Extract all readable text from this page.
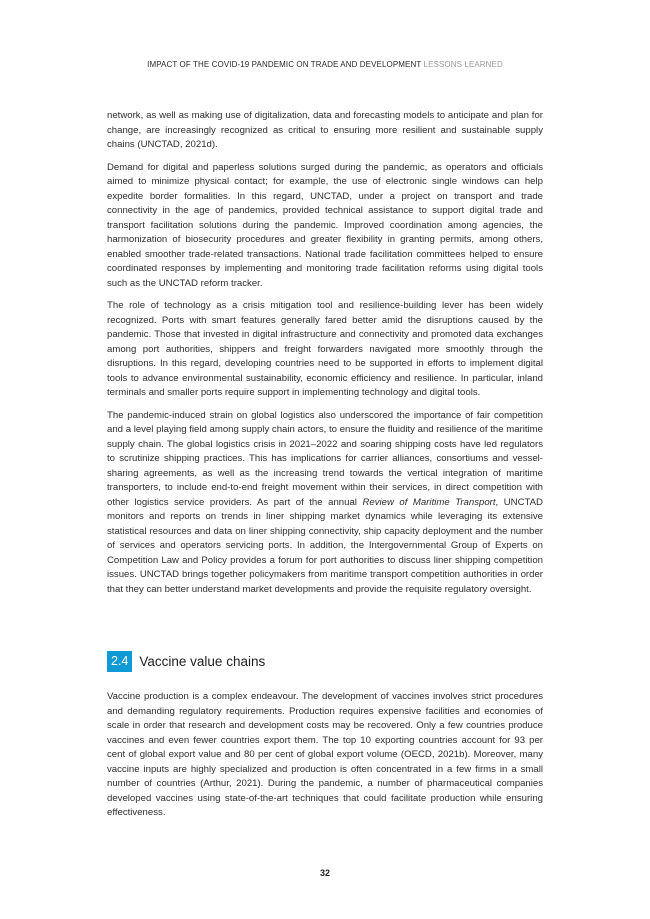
IMPACT OF THE COVID-19 PANDEMIC ON TRADE AND DEVELOPMENT LESSONS LEARNED

network, as well as making use of digitalization, data and forecasting models to anticipate and plan for change, are increasingly recognized as critical to ensuring more resilient and sustainable supply chains (UNCTAD, 2021d).

Demand for digital and paperless solutions surged during the pandemic, as operators and officials aimed to minimize physical contact; for example, the use of electronic single windows can help expedite border formalities. In this regard, UNCTAD, under a project on transport and trade connectivity in the age of pandemics, provided technical assistance to support digital trade and transport facilitation solutions during the pandemic. Improved coordination among agencies, the harmonization of biosecurity procedures and greater flexibility in granting permits, among others, enabled smoother trade-related transactions. National trade facilitation committees helped to ensure coordinated responses by implementing and monitoring trade facilitation reforms using digital tools such as the UNCTAD reform tracker.

The role of technology as a crisis mitigation tool and resilience-building lever has been widely recognized. Ports with smart features generally fared better amid the disruptions caused by the pandemic. Those that invested in digital infrastructure and connectivity and promoted data exchanges among port authorities, shippers and freight forwarders navigated more smoothly through the disruptions. In this regard, developing countries need to be supported in efforts to implement digital tools to advance environmental sustainability, economic efficiency and resilience. In particular, inland terminals and smaller ports require support in implementing technology and digital tools.

The pandemic-induced strain on global logistics also underscored the importance of fair competition and a level playing field among supply chain actors, to ensure the fluidity and resilience of the maritime supply chain. The global logistics crisis in 2021–2022 and soaring shipping costs have led regulators to scrutinize shipping practices. This has implications for carrier alliances, consortiums and vessel-sharing agreements, as well as the increasing trend towards the vertical integration of maritime transporters, to include end-to-end freight movement within their services, in direct competition with other logistics service providers. As part of the annual Review of Maritime Transport, UNCTAD monitors and reports on trends in liner shipping market dynamics while leveraging its extensive statistical resources and data on liner shipping connectivity, ship capacity deployment and the number of services and operators servicing ports. In addition, the Intergovernmental Group of Experts on Competition Law and Policy provides a forum for port authorities to discuss liner shipping competition issues. UNCTAD brings together policymakers from maritime transport competition authorities in order that they can better understand market developments and provide the requisite regulatory oversight.

2.4 Vaccine value chains

Vaccine production is a complex endeavour. The development of vaccines involves strict procedures and demanding regulatory requirements. Production requires expensive facilities and economies of scale in order that research and development costs may be recovered. Only a few countries produce vaccines and even fewer countries export them. The top 10 exporting countries account for 93 per cent of global export value and 80 per cent of global export volume (OECD, 2021b). Moreover, many vaccine inputs are highly specialized and production is often concentrated in a few firms in a small number of countries (Arthur, 2021). During the pandemic, a number of pharmaceutical companies developed vaccines using state-of-the-art techniques that could facilitate production while ensuring effectiveness.

32
